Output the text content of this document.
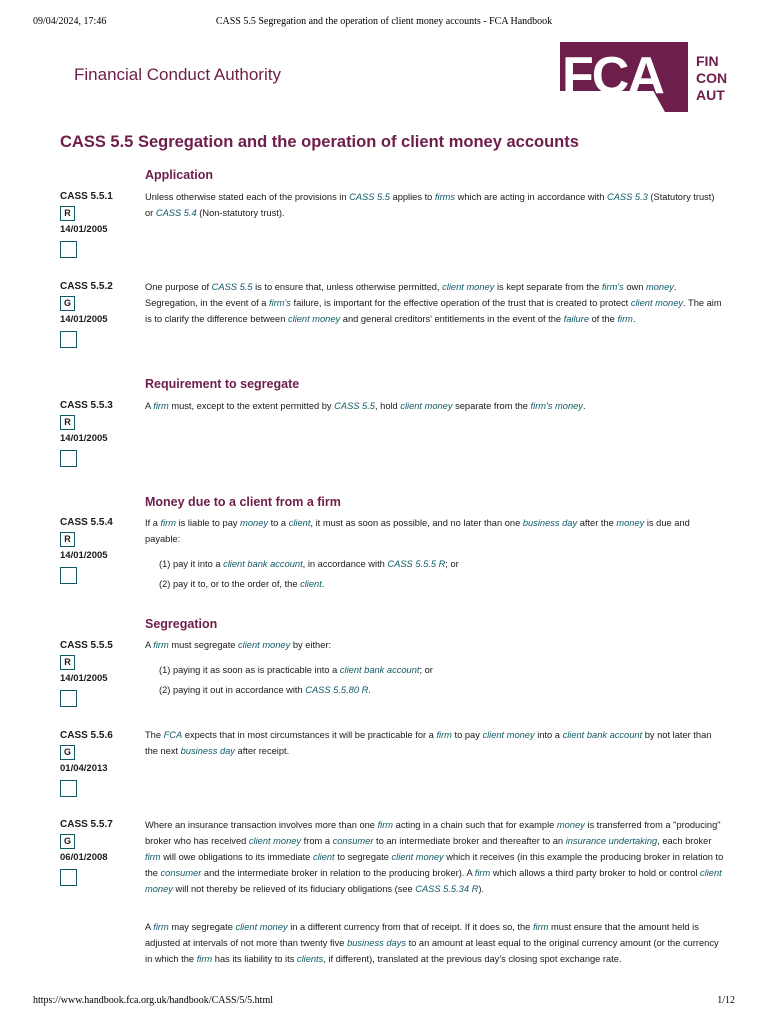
09/04/2024, 17:46	CASS 5.5 Segregation and the operation of client money accounts - FCA Handbook
Financial Conduct Authority	FCA FIN
CON
AUT
CASS 5.5 Segregation and the operation of client money accounts
Application
CASS 5.5.1
R
14/01/2005

Unless otherwise stated each of the provisions in CASS 5.5 applies to firms which are acting in accordance with CASS 5.3 (Statutory trust) or CASS 5.4 (Non-statutory trust).

CASS 5.5.2
G
14/01/2005

One purpose of CASS 5.5 is to ensure that, unless otherwise permitted, client money is kept separate from the firm's own money. Segregation, in the event of a firm's failure, is important for the effective operation of the trust that is created to protect client money. The aim is to clarify the difference between client money and general creditors' entitlements in the event of the failure of the firm.

Requirement to segregate
CASS 5.5.3
R
14/01/2005

A firm must, except to the extent permitted by CASS 5.5, hold client money separate from the firm's money.

Money due to a client from a firm
CASS 5.5.4
R
14/01/2005

If a firm is liable to pay money to a client, it must as soon as possible, and no later than one business day after the money is due and payable:

(1) pay it into a client bank account, in accordance with CASS 5.5.5 R; or

(2) pay it to, or to the order of, the client.

Segregation
CASS 5.5.5
R
14/01/2005

A firm must segregate client money by either:

(1) paying it as soon as is practicable into a client bank account; or

(2) paying it out in accordance with CASS 5.5.80 R.

CASS 5.5.6
G
01/04/2013

The FCA expects that in most circumstances it will be practicable for a firm to pay client money into a client bank account by not later than the next business day after receipt.

CASS 5.5.7
G
06/01/2008

Where an insurance transaction involves more than one firm acting in a chain such that for example money is transferred from a "producing" broker who has received client money from a consumer to an intermediate broker and thereafter to an insurance undertaking, each broker firm will owe obligations to its immediate client to segregate client money which it receives (in this example the producing broker in relation to the consumer and the intermediate broker in relation to the producing broker). A firm which allows a third party broker to hold or control client money will not thereby be relieved of its fiduciary obligations (see CASS 5.5.34 R).

A firm may segregate client money in a different currency from that of receipt. If it does so, the firm must ensure that the amount held is adjusted at intervals of not more than twenty five business days to an amount at least equal to the original currency amount (or the currency in which the firm has its liability to its clients, if different), translated at the previous day's closing spot exchange rate.

https://www.handbook.fca.org.uk/handbook/CASS/5/5.html	1/12
